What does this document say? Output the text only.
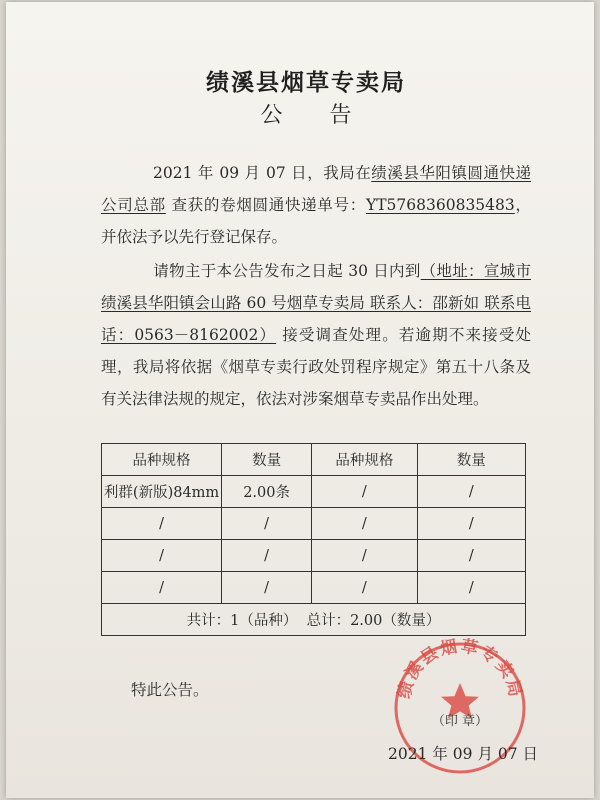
绩溪县烟草专卖局
公 告
2021 年 09 月 07 日，我局在绩溪县华阳镇圆通快递公司总部 查获的卷烟圆通快递单号：YT5768360835483，并依法予以先行登记保存。
请物主于本公告发布之日起 30 日内到（地址：宣城市绩溪县华阳镇会山路 60 号烟草专卖局 联系人：邵新如 联系电话：0563－8162002） 接受调查处理。若逾期不来接受处理，我局将依据《烟草专卖行政处罚程序规定》第五十八条及有关法律法规的规定，依法对涉案烟草专卖品作出处理。
品种规格	数量	品种规格	数量
利群(新版)84mm	2.00条	/	/
/	/	/	/
/	/	/	/
/	/	/	/
共计：1（品种）  总计：2.00（数量）			
特此公告。	绩溪县烟草专卖局
（印 章）
2021 年 09 月 07 日
